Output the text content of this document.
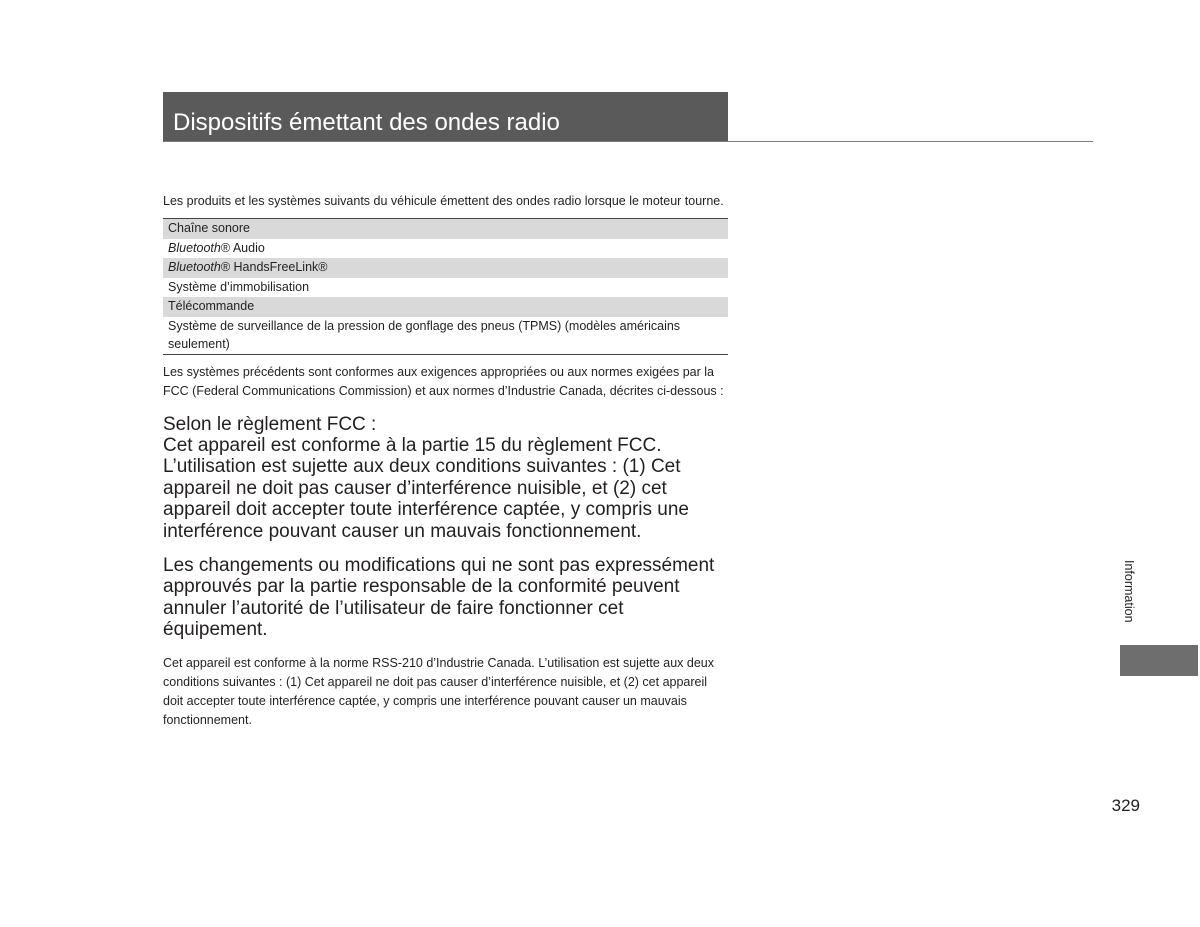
Dispositifs émettant des ondes radio

Les produits et les systèmes suivants du véhicule émettent des ondes radio lorsque le moteur tourne.

Chaîne sonore
Bluetooth® Audio
Bluetooth® HandsFreeLink®
Système d’immobilisation
Télécommande
Système de surveillance de la pression de gonflage des pneus (TPMS) (modèles américains seulement)

Les systèmes précédents sont conformes aux exigences appropriées ou aux normes exigées par la FCC (Federal Communications Commission) et aux normes d’Industrie Canada, décrites ci-dessous :

Selon le règlement FCC :
Cet appareil est conforme à la partie 15 du règlement FCC.
L’utilisation est sujette aux deux conditions suivantes : (1) Cet appareil ne doit pas causer d’interférence nuisible, et (2) cet appareil doit accepter toute interférence captée, y compris une interférence pouvant causer un mauvais fonctionnement.

Les changements ou modifications qui ne sont pas expressément approuvés par la partie responsable de la conformité peuvent annuler l’autorité de l’utilisateur de faire fonctionner cet équipement.

Cet appareil est conforme à la norme RSS-210 d’Industrie Canada. L’utilisation est sujette aux deux conditions suivantes : (1) Cet appareil ne doit pas causer d’interférence nuisible, et (2) cet appareil doit accepter toute interférence captée, y compris une interférence pouvant causer un mauvais fonctionnement.

Information
329
